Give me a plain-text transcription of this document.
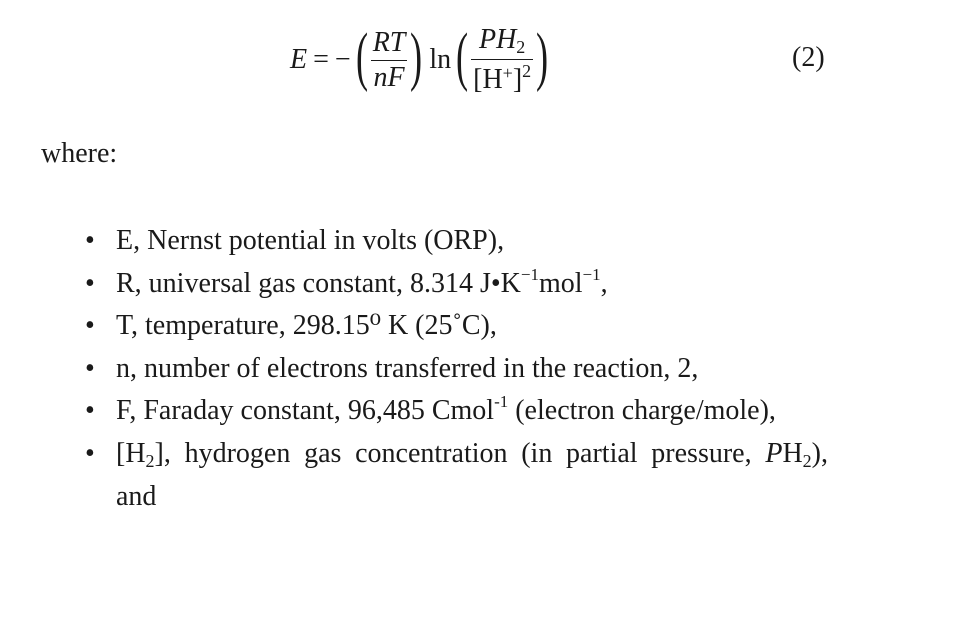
E = − ( $\frac{RT}{nF}$ ) ln ( $\frac{PH2}{[H^+]^2}$ )	(2)
where:
• E, Nernst potential in volts (ORP),
• R, universal gas constant, 8.314 $J•K^{-1}mol^{-1}$,
• T, temperature, 298.15⁰ K (25˚C),
• n, number of electrons transferred in the reaction, 2,
• F, Faraday constant, 96,485 Cmol$^{-1}$ (electron charge/mole),
• $[H_2]$, hydrogen gas concentration (in partial pressure, $PH_2$), and
